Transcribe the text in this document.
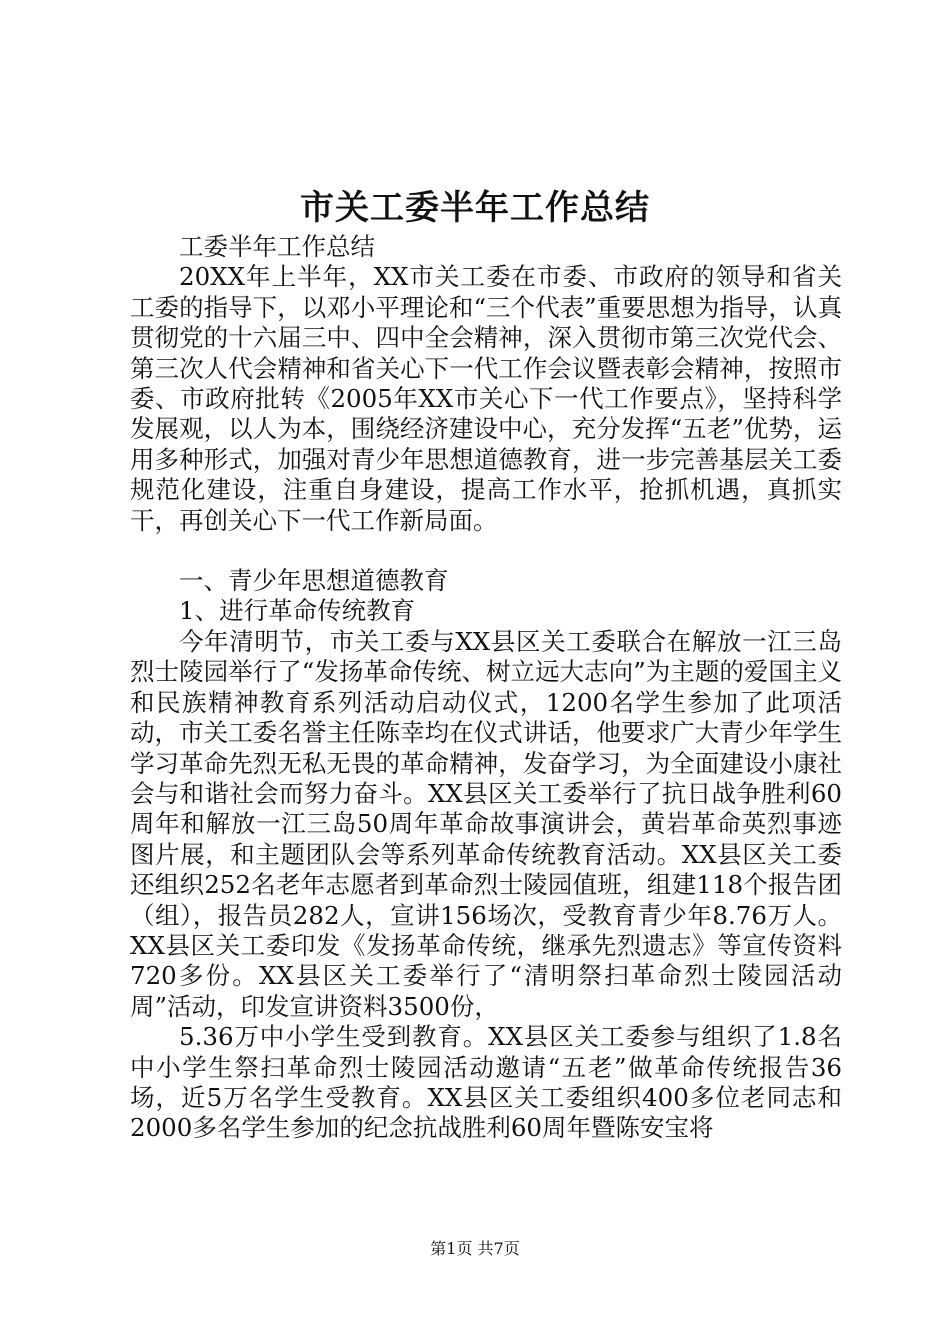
市关工委半年工作总结

工委半年工作总结

20XX年上半年，XX市关工委在市委、市政府的领导和省关工委的指导下，以邓小平理论和“三个代表”重要思想为指导，认真贯彻党的十六届三中、四中全会精神，深入贯彻市第三次党代会、第三次人代会精神和省关心下一代工作会议暨表彰会精神，按照市委、市政府批转《2005年XX市关心下一代工作要点》，坚持科学发展观，以人为本，围绕经济建设中心，充分发挥“五老”优势，运用多种形式，加强对青少年思想道德教育，进一步完善基层关工委规范化建设，注重自身建设，提高工作水平，抢抓机遇，真抓实干，再创关心下一代工作新局面。

一、青少年思想道德教育

1、进行革命传统教育

今年清明节，市关工委与XX县区关工委联合在解放一江三岛烈士陵园举行了“发扬革命传统、树立远大志向”为主题的爱国主义和民族精神教育系列活动启动仪式，1200名学生参加了此项活动，市关工委名誉主任陈幸均在仪式讲话，他要求广大青少年学生学习革命先烈无私无畏的革命精神，发奋学习，为全面建设小康社会与和谐社会而努力奋斗。XX县区关工委举行了抗日战争胜利60周年和解放一江三岛50周年革命故事演讲会，黄岩革命英烈事迹图片展，和主题团队会等系列革命传统教育活动。XX县区关工委还组织252名老年志愿者到革命烈士陵园值班，组建118个报告团（组），报告员282人，宣讲156场次，受教育青少年8.76万人。XX县区关工委印发《发扬革命传统，继承先烈遗志》等宣传资料720多份。XX县区关工委举行了“清明祭扫革命烈士陵园活动周”活动，印发宣讲资料3500份，

5.36万中小学生受到教育。XX县区关工委参与组织了1.8名中小学生祭扫革命烈士陵园活动邀请“五老”做革命传统报告36场，近5万名学生受教育。XX县区关工委组织400多位老同志和2000多名学生参加的纪念抗战胜利60周年暨陈安宝将

第1页 共7页
